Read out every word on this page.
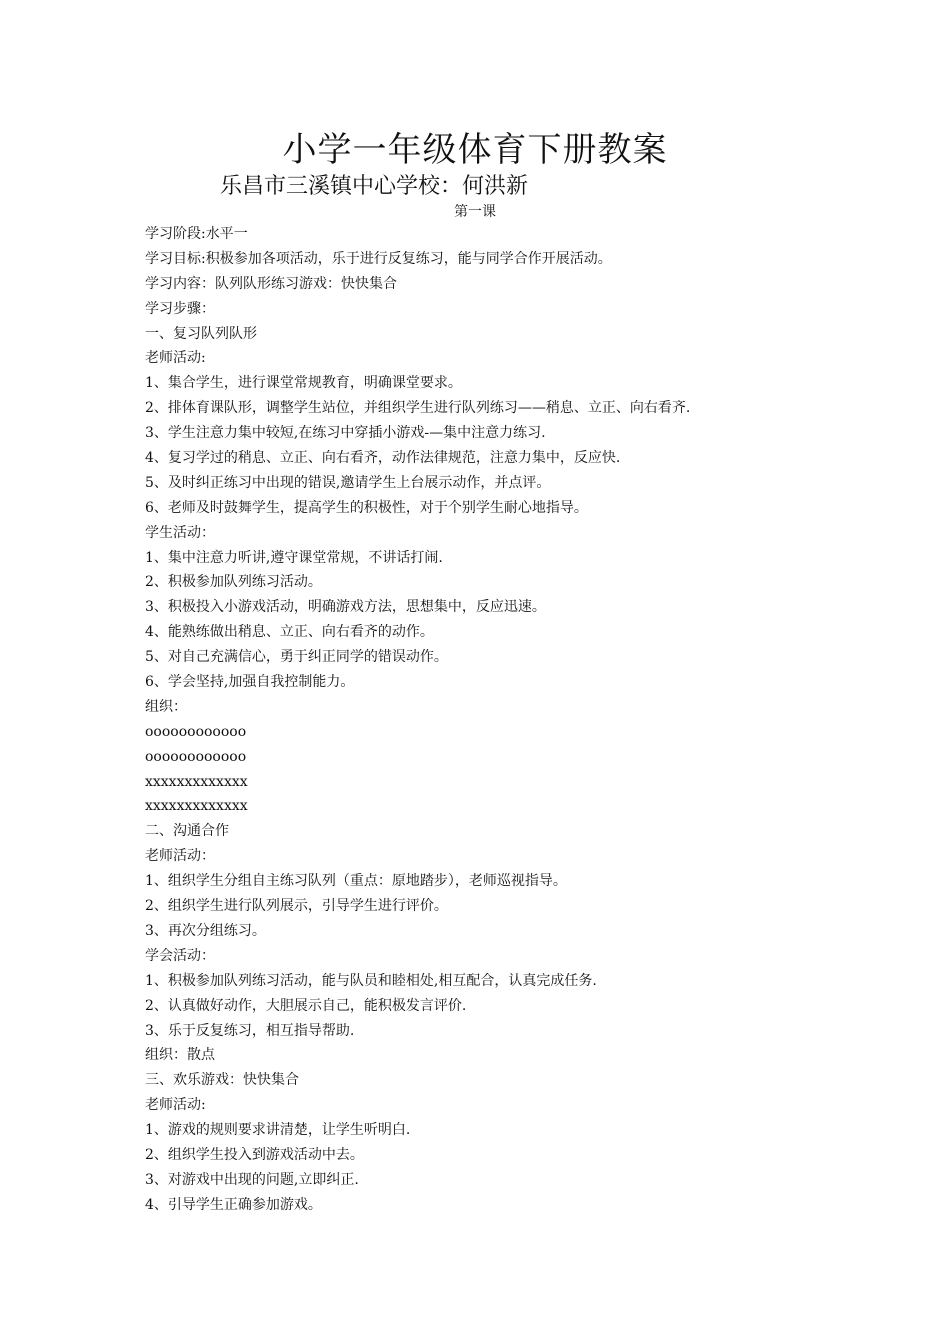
小学一年级体育下册教案
乐昌市三溪镇中心学校：何洪新
第一课

学习阶段:水平一

学习目标:积极参加各项活动，乐于进行反复练习，能与同学合作开展活动。

学习内容：队列队形练习游戏：快快集合

学习步骤：

一、复习队列队形

老师活动:

1、集合学生，进行课堂常规教育，明确课堂要求。

2、排体育课队形，调整学生站位，并组织学生进行队列练习——稍息、立正、向右看齐.

3、学生注意力集中较短,在练习中穿插小游戏-—集中注意力练习.

4、复习学过的稍息、立正、向右看齐，动作法律规范，注意力集中，反应快.

5、及时纠正练习中出现的错误,邀请学生上台展示动作，并点评。

6、老师及时鼓舞学生，提高学生的积极性，对于个别学生耐心地指导。

学生活动：

1、集中注意力听讲,遵守课堂常规，不讲话打闹.

2、积极参加队列练习活动。

3、积极投入小游戏活动，明确游戏方法，思想集中，反应迅速。

4、能熟练做出稍息、立正、向右看齐的动作。

5、对自己充满信心，勇于纠正同学的错误动作。

6、学会坚持,加强自我控制能力。

组织：

oooooooooooo

oooooooooooo

xxxxxxxxxxxxx

xxxxxxxxxxxxx

二、沟通合作

老师活动：

1、组织学生分组自主练习队列（重点：原地踏步），老师巡视指导。

2、组织学生进行队列展示，引导学生进行评价。

3、再次分组练习。

学会活动：

1、积极参加队列练习活动，能与队员和睦相处,相互配合，认真完成任务.

2、认真做好动作，大胆展示自己，能积极发言评价.

3、乐于反复练习，相互指导帮助.

组织：散点

三、欢乐游戏：快快集合

老师活动:

1、游戏的规则要求讲清楚，让学生听明白.

2、组织学生投入到游戏活动中去。

3、对游戏中出现的问题,立即纠正.

4、引导学生正确参加游戏。
